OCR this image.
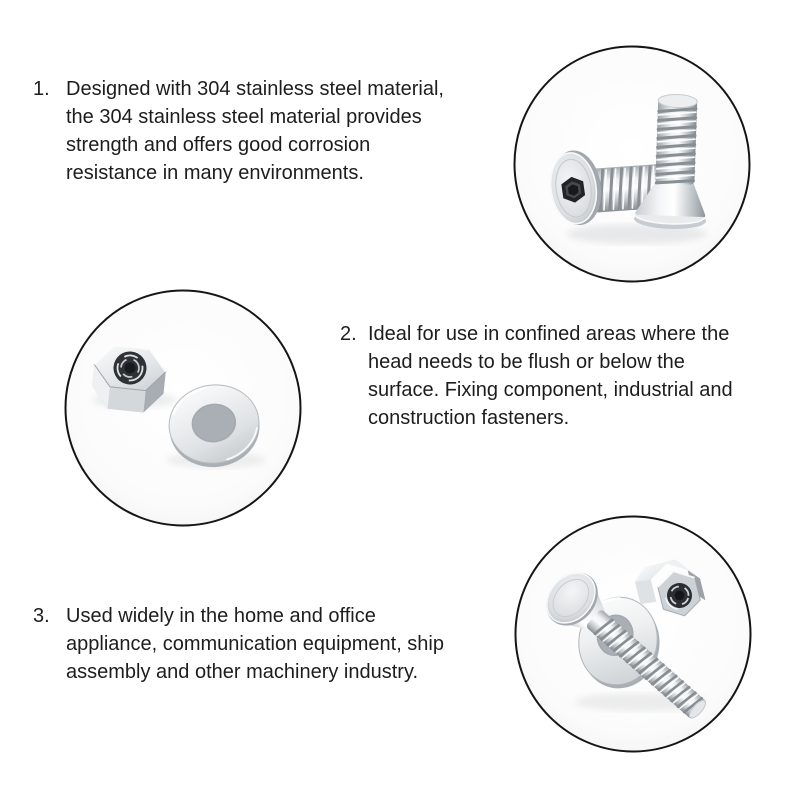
1. Designed with 304 stainless steel material,
the 304 stainless steel material provides
strength and offers good corrosion
resistance in many environments.
2. Ideal for use in confined areas where the
head needs to be flush or below the
surface. Fixing component, industrial and
construction fasteners.
3. Used widely in the home and office
appliance, communication equipment, ship
assembly and other machinery industry.
